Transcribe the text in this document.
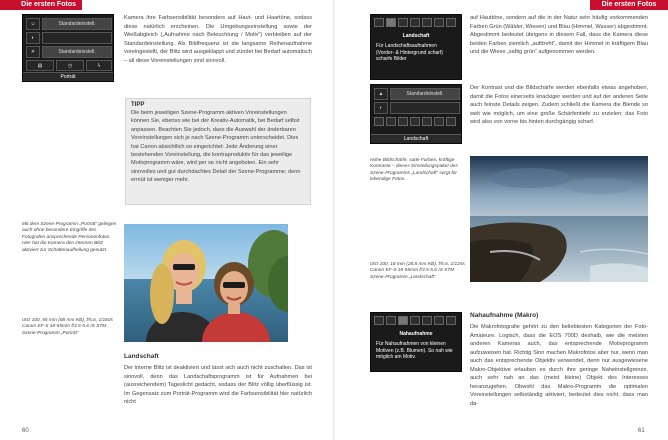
Die ersten Fotos
☺	Standardeinstell.
◐
☀	Standardeinstell.
▤	◷	ϟ
Porträt
Kamera ihre Farbsensibilität besonders auf Haut- und Haartöne, sodass diese natürlich erscheinen. Die Umgebungseinstellung sowie der Weißabgleich („Aufnahme nach Beleuchtung / Motiv“) verbleiben auf der Standardeinstellung. Als Bildfrequenz ist die langsame Reihenaufnahme voreingestellt, der Blitz wird ausgeklappt und zündet bei Bedarf automatisch – all diese Voreinstellungen sind sinnvoll.
TIPP
Die beim jeweiligen Szene-Programm aktiven Voreinstellungen können Sie, ebenso wie bei der Kreativ-Automatik, bei Bedarf selbst anpassen. Beachten Sie jedoch, dass die Auswahl der änderbaren Voreinstellungen sich je nach Szene-Programm unterscheidet. Dies hat Canon absichtlich so eingerichtet: Jede Änderung einer bestehenden Voreinstellung, die kontraproduktiv für das jeweilige Motivprogramm wäre, wird per se nicht angeboten. Ein sehr sinnvolles und gut durchdachtes Detail der Szene-Programme; denn ermüt ist weniger mehr.
Mit dem Szene-Programm „Porträt“ gelingen auch ohne besondere Eingriffe des Fotografen ansprechende Personenfotos. Hier hat die Kamera den internen Blitz aktiviert zur Schattenaufhellung genutzt.
ISO 100, 55 mm (88 mm KB), f/5.6, 1/160s
Canon EF-S 18-55mm f/3.5-5.6 IS STM
Szene-Programm „Porträt“
Landschaft
Der interne Blitz ist deaktiviert und lässt sich auch nicht zuschalten. Das ist sinnvoll, denn das Landschaftsprogramm ist für Aufnahmen bei (ausreichendem) Tageslicht gedacht, sodass der Blitz völlig überflüssig ist. Im Gegensatz zum Porträt-Programm wird die Farbsensibilität hier natürlich nicht
60
Die ersten Fotos
Landschaft
Für Landschaftsaufnahmen (Vorder- & Hintergrund scharf) scharfe Bilder
▲	Standardeinstell.
◐
Landschaft
auf Hauttöne, sondern auf die in der Natur sehr häufig vorkommenden Farben Grün (Wälder, Wiesen) und Blau (Himmel, Wasser) abgestimmt. Abgestimmt bedeutet übrigens in diesem Fall, dass die Kamera diese beiden Farben ziemlich „aufdreht“, damit der Himmel in kräftigem Blau und die Wiese „saftig grün“ aufgenommen werden.
Der Kontrast und die Bildschärfe werden ebenfalls etwas angehoben, damit die Fotos einerseits knackiger werden und auf der anderen Seite auch feinste Details zeigen. Zudem schließt die Kamera die Blende so weit wie möglich, um eine große Schärfentiefe zu erzielen; das Foto wird also von vorne bis hinten durchgängig scharf.
Hohe Bildschärfe, satte Farben, kräftige Kontraste – dieses Einstellungspaket des Szene-Programms „Landschaft“ sorgt für lebendige Fotos.
ISO 100, 18 mm (28,8 mm KB), f/5.6, 1/125s
Canon EF-S 18-55mm f/3.5-5.6 IS STM
Szene-Programm „Landschaft“
Nahaufnahme
Für Nahaufnahmen von kleinen Motiven (z.B. Blumen). So nah wie möglich am Motiv.
Nahaufnahme (Makro)
Die Makrofotografie gehört zu den beliebtesten Kategorien der Foto-Amateure. Logisch, dass die EOS 700D deshalb, wie die meisten anderen Kameras auch, das entsprechende Motivprogramm aufzuweisen hat. Richtig Sinn machen Makrofotos aber nur, wenn man auch das entsprechende Objektiv verwendet, denn nur ausgewiesene Makro-Objektive erlauben es durch ihre geringe Naheinstellgrenze, auch sehr nah an das (meist kleine) Objekt des Interesses heranzugehen. Obwohl das Makro-Programm die optimalen Voreinstellungen selbständig aktiviert, bedeutet dies nicht, dass man da-
61
